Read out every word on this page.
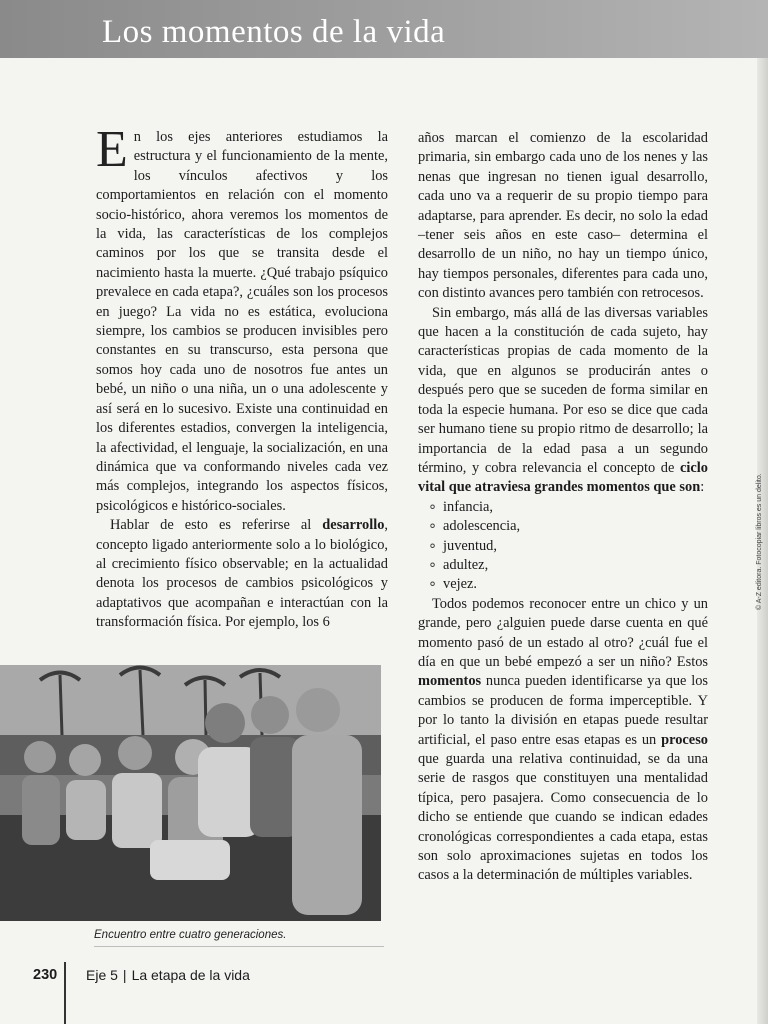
Los momentos de la vida

En los ejes anteriores estudiamos la estructura y el funcionamiento de la mente, los vínculos afectivos y los comportamientos en relación con el momento socio-histórico, ahora veremos los momentos de la vida, las características de los complejos caminos por los que se transita desde el nacimiento hasta la muerte. ¿Qué trabajo psíquico prevalece en cada etapa?, ¿cuáles son los procesos en juego? La vida no es estática, evoluciona siempre, los cambios se producen invisibles pero constantes en su transcurso, esta persona que somos hoy cada uno de nosotros fue antes un bebé, un niño o una niña, un o una adolescente y así será en lo sucesivo. Existe una continuidad en los diferentes estadios, convergen la inteligencia, la afectividad, el lenguaje, la socialización, en una dinámica que va conformando niveles cada vez más complejos, integrando los aspectos físicos, psicológicos e histórico-sociales.

Hablar de esto es referirse al desarrollo, concepto ligado anteriormente solo a lo biológico, al crecimiento físico observable; en la actualidad denota los procesos de cambios psicológicos y adaptativos que acompañan e interactúan con la transformación física. Por ejemplo, los 6

años marcan el comienzo de la escolaridad primaria, sin embargo cada uno de los nenes y las nenas que ingresan no tienen igual desarrollo, cada uno va a requerir de su propio tiempo para adaptarse, para aprender. Es decir, no solo la edad –tener seis años en este caso– determina el desarrollo de un niño, no hay un tiempo único, hay tiempos personales, diferentes para cada uno, con distinto avances pero también con retrocesos.

Sin embargo, más allá de las diversas variables que hacen a la constitución de cada sujeto, hay características propias de cada momento de la vida, que en algunos se producirán antes o después pero que se suceden de forma similar en toda la especie humana. Por eso se dice que cada ser humano tiene su propio ritmo de desarrollo; la importancia de la edad pasa a un segundo término, y cobra relevancia el concepto de ciclo vital que atraviesa grandes momentos que son:

∘ infancia,
∘ adolescencia,
∘ juventud,
∘ adultez,
∘ vejez.

Todos podemos reconocer entre un chico y un grande, pero ¿alguien puede darse cuenta en qué momento pasó de un estado al otro? ¿cuál fue el día en que un bebé empezó a ser un niño? Estos momentos nunca pueden identificarse ya que los cambios se producen de forma imperceptible. Y por lo tanto la división en etapas puede resultar artificial, el paso entre esas etapas es un proceso que guarda una relativa continuidad, se da una serie de rasgos que constituyen una mentalidad típica, pero pasajera. Como consecuencia de lo dicho se entiende que cuando se indican edades cronológicas correspondientes a cada etapa, estas son solo aproximaciones sujetas en todos los casos a la determinación de múltiples variables.

Encuentro entre cuatro generaciones.
230 Eje 5 | La etapa de la vida
© A-Z editora. Fotocopiar libros es un delito.
